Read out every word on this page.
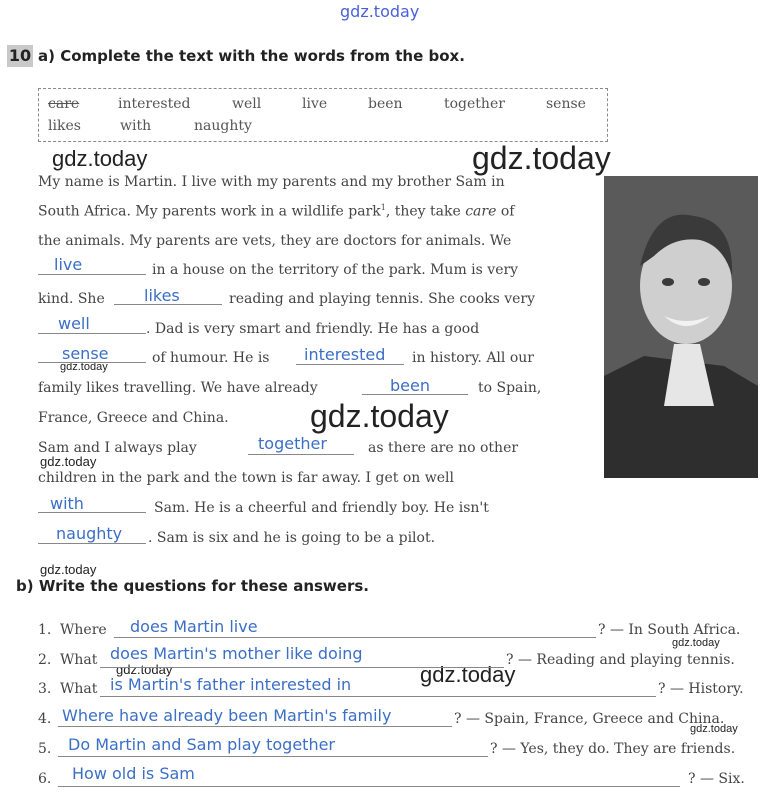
gdz.today
gdz.today	gdz.today
gdz.today
gdz.today
gdz.today
gdz.today
gdz.today
gdz.today
gdz.today
gdz.today
10 a) Complete the text with the words from the box.
care	interested	well	live	been	together	sense
likes	with	naughty
My name is Martin. I live with my parents and my brother Sam in
South Africa. My parents work in a wildlife park$^1$, they take care of
the animals. My parents are vets, they are doctors for animals. We
live	in a house on the territory of the park. Mum is very
kind. She likes	reading and playing tennis. She cooks very
well	. Dad is very smart and friendly. He has a good
sense	of humour. He is interested in history. All our
family likes travelling. We have already	been	to Spain,
France, Greece and China.
Sam and I always play	together	as there are no other
children in the park and the town is far away. I get on well
with	Sam. He is a cheerful and friendly boy. He isn't
naughty . Sam is six and he is going to be a pilot.
b) Write the questions for these answers.
1. Where does Martin live	? — In South Africa.
2. What does Martin's mother like doing	? — Reading and playing tennis.
3. What is Martin's father interested in	? — History.
4. Where have already been Martin's family	? — Spain, France, Greece and China.
5. Do Martin and Sam play together	? — Yes, they do. They are friends.
6. How old is Sam	? — Six.
